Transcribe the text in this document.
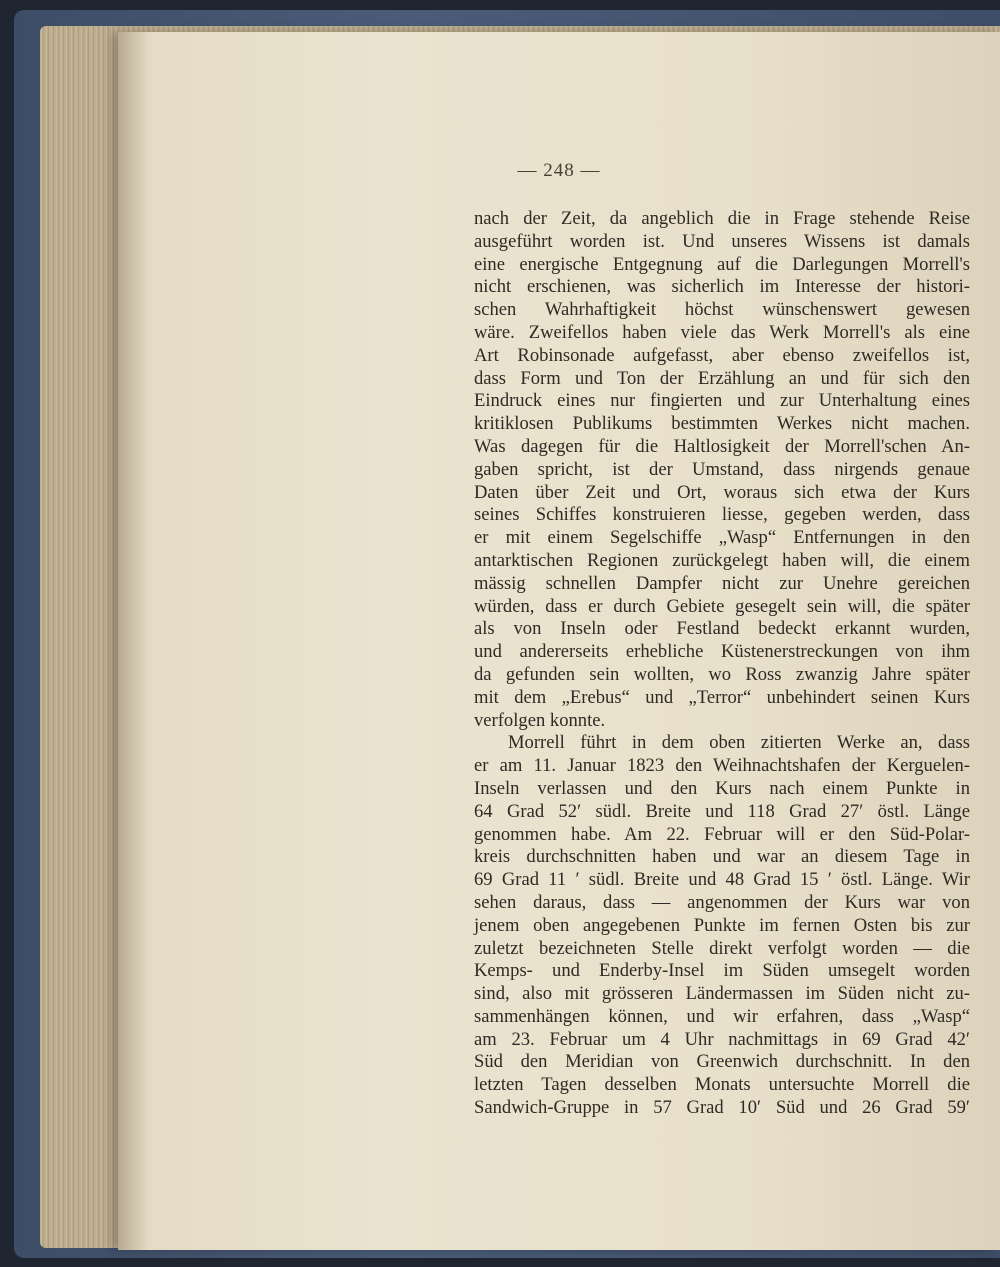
— 248 —
nach der Zeit, da angeblich die in Frage stehende Reise
ausgeführt worden ist. Und unseres Wissens ist damals
eine energische Entgegnung auf die Darlegungen Morrell's
nicht erschienen, was sicherlich im Interesse der histori-
schen Wahrhaftigkeit höchst wünschenswert gewesen
wäre. Zweifellos haben viele das Werk Morrell's als eine
Art Robinsonade aufgefasst, aber ebenso zweifellos ist,
dass Form und Ton der Erzählung an und für sich den
Eindruck eines nur fingierten und zur Unterhaltung eines
kritiklosen Publikums bestimmten Werkes nicht machen.
Was dagegen für die Haltlosigkeit der Morrell'schen An-
gaben spricht, ist der Umstand, dass nirgends genaue
Daten über Zeit und Ort, woraus sich etwa der Kurs
seines Schiffes konstruieren liesse, gegeben werden, dass
er mit einem Segelschiffe „Wasp“ Entfernungen in den
antarktischen Regionen zurückgelegt haben will, die einem
mässig schnellen Dampfer nicht zur Unehre gereichen
würden, dass er durch Gebiete gesegelt sein will, die später
als von Inseln oder Festland bedeckt erkannt wurden,
und andererseits erhebliche Küstenerstreckungen von ihm
da gefunden sein wollten, wo Ross zwanzig Jahre später
mit dem „Erebus“ und „Terror“ unbehindert seinen Kurs
verfolgen konnte.
Morrell führt in dem oben zitierten Werke an, dass
er am 11. Januar 1823 den Weihnachtshafen der Kerguelen-
Inseln verlassen und den Kurs nach einem Punkte in
64 Grad 52′ südl. Breite und 118 Grad 27′ östl. Länge
genommen habe. Am 22. Februar will er den Süd-Polar-
kreis durchschnitten haben und war an diesem Tage in
69 Grad 11 ′ südl. Breite und 48 Grad 15 ′ östl. Länge. Wir
sehen daraus, dass — angenommen der Kurs war von
jenem oben angegebenen Punkte im fernen Osten bis zur
zuletzt bezeichneten Stelle direkt verfolgt worden — die
Kemps- und Enderby-Insel im Süden umsegelt worden
sind, also mit grösseren Ländermassen im Süden nicht zu-
sammenhängen können, und wir erfahren, dass „Wasp“
am 23. Februar um 4 Uhr nachmittags in 69 Grad 42′
Süd den Meridian von Greenwich durchschnitt. In den
letzten Tagen desselben Monats untersuchte Morrell die
Sandwich-Gruppe in 57 Grad 10′ Süd und 26 Grad 59′
